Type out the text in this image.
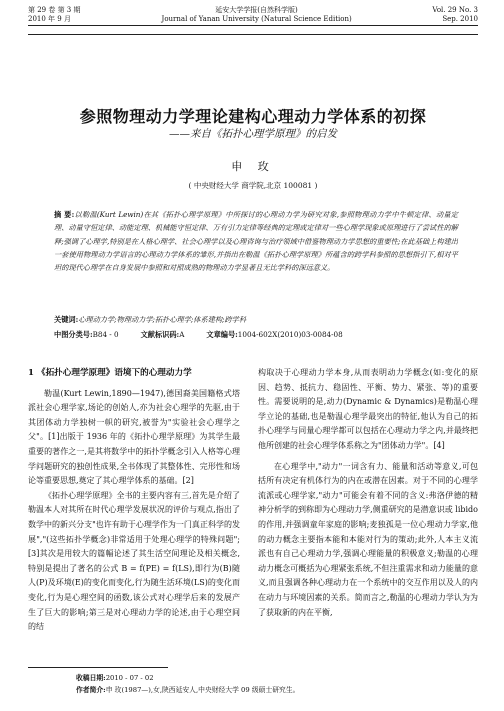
第 29 卷 第 3 期	延安大学学报(自然科学版)	Vol. 29 No. 3
2010 年 9 月	Journal of Yanan University (Natural Science Edition)	Sep. 2010
参照物理动力学理论建构心理动力学体系的初探
——来自《拓扑心理学原理》的启发
申 玫
( 中央财经大学 商学院,北京 100081 )
摘 要:以勒温(Kurt Lewin)在其《拓扑心理学原理》中所探讨的心理动力学为研究对象,参照物理动力学中牛顿定律、动量定理、动量守恒定律、动能定理、机械能守恒定律、万有引力定律等经典的定理或定律对一些心理学现象或原理进行了尝试性的解释;强调了心理学,特别是在人格心理学、社会心理学以及心理咨询与治疗领域中借鉴物理动力学思想的重要性;在此基础上构建出一套使用物理动力学语言的心理动力学体系的雏形,并指出在勒温《拓扑心理学原理》所蕴含的跨学科参照的思想指引下,相对平坦的现代心理学在自身发展中参照和对照成熟的物理动力学显著且无比学科的深远意义。
关键词:心理动力学;物理动力学;拓扑心理学;体系建构;跨学科
中图分类号:B84 - 0	文献标识码:A	文章编号:1004-602X(2010)03-0084-08
1 《拓扑心理学原理》语境下的心理动力学

勒温(Kurt Lewin,1890—1947),德国裔美国籍格式塔派社会心理学家,场论的创始人,亦为社会心理学的先驱,由于其团体动力学独树一帜的研究,被誉为"实验社会心理学之父"。[1]出版于 1936 年的《拓扑心理学原理》为其学生最重要的著作之一,是其将数学中的拓扑学概念引入人格等心理学问题研究的独创性成果,全书体现了其整体性、完形性和场论等重要思想,奠定了其心理学体系的基础。[2]

《拓扑心理学原理》全书的主要内容有三,首先是介绍了勒温本人对其所在时代心理学发展状况的评价与观点,指出了数学中的新兴分支"也许有助于心理学作为一门真正科学的发展","(这些拓扑学概念)非常适用于处理心理学的特殊问题";[3]其次是用较大的篇幅论述了其生活空间理论及相关概念,特别是提出了著名的公式 B = f(PE) = f(LS),即行为(B)随人(P)及环境(E)的变化而变化,行为随生活环境(LS)的变化而变化,行为是心理空间的函数,该公式对心理学后来的发展产生了巨大的影响;第三是对心理动力学的论述,由于心理空间的结

构取决于心理动力学本身,从而表明动力学概念(如:变化的原因、趋势、抵抗力、稳固性、平衡、势力、紧张、等)的重要性。需要说明的是,动力(Dynamic & Dynamics)是勒温心理学立论的基础,也是勒温心理学最突出的特征,他认为自己的拓扑心理学与同量心理学都可以包括在心理动力学之内,并最终把他所创建的社会心理学体系称之为"团体动力学"。[4]

在心理学中,"动力"一词含有力、能量和活动等意义,可包括所有决定有机体行为的内在或潜在因素。对于不同的心理学流派或心理学家,"动力"可能会有着不同的含义:弗洛伊德的精神分析学的到称即为心理动力学,侧重研究的是潜意识或 libido 的作用,并强调童年家庭的影响;麦独孤是一位心理动力学家,他的动力概念主要指本能和本能对行为的策动;此外,人本主义流派也有自己心理动力学,强调心理能量的积极意义;勒温的心理动力概念可概括为心理紧张系统,不但注重需求和动力能量的意义,而且强调各种心理动力在一个系统中的交互作用以及人的内在动力与环境因素的关系。简而言之,勒温的心理动力学认为为了获取新的内在平衡,

收稿日期:2010 - 07 - 02
作者简介:申 玫(1987—),女,陕西延安人,中央财经大学 09 级硕士研究生。
